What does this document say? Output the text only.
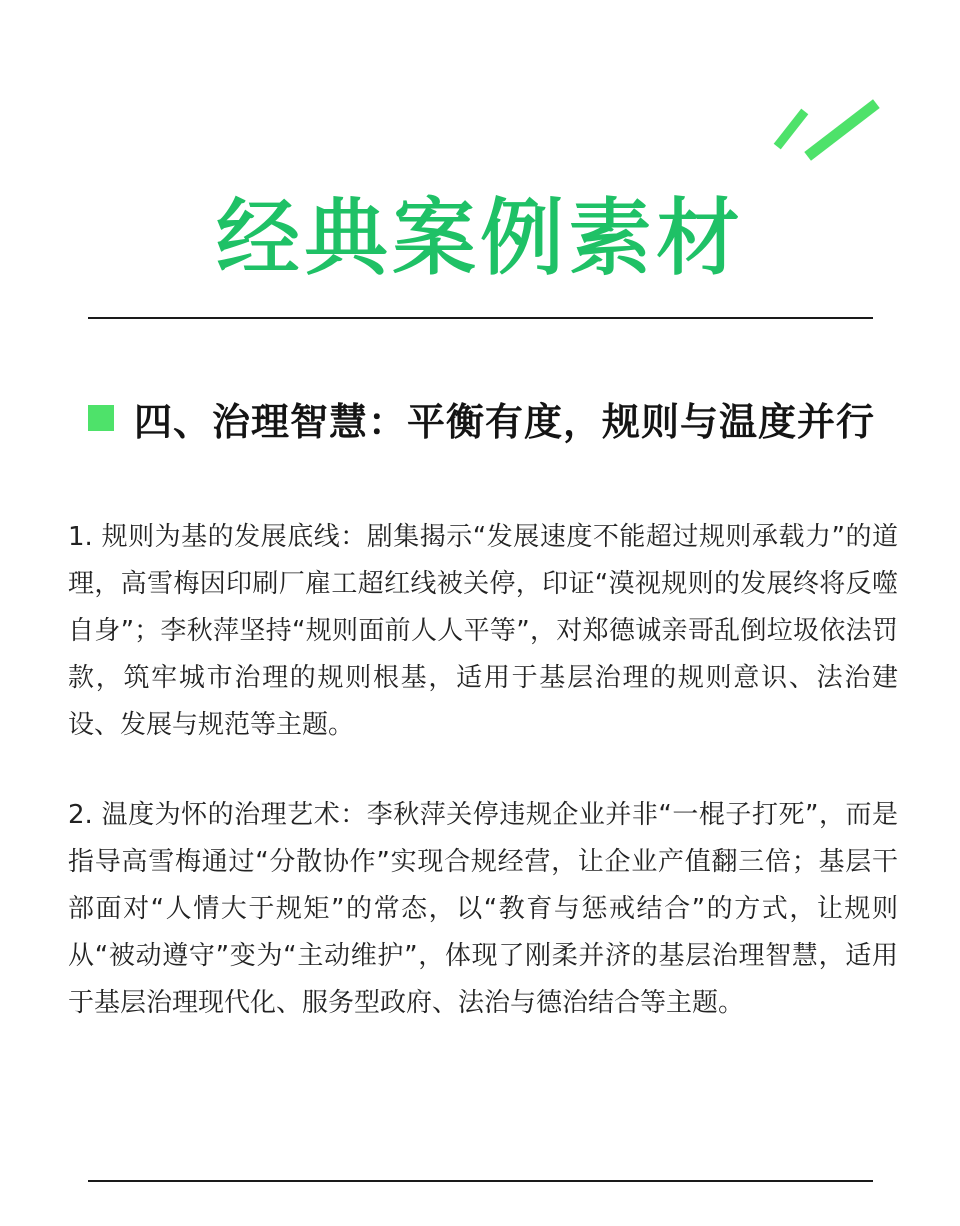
经典案例素材
四、治理智慧：平衡有度，规则与温度并行

1. 规则为基的发展底线：剧集揭示“发展速度不能超过规则承载力”的道理，高雪梅因印刷厂雇工超红线被关停，印证“漠视规则的发展终将反噬自身”；李秋萍坚持“规则面前人人平等”，对郑德诚亲哥乱倒垃圾依法罚款，筑牢城市治理的规则根基，适用于基层治理的规则意识、法治建设、发展与规范等主题。

2. 温度为怀的治理艺术：李秋萍关停违规企业并非“一棍子打死”，而是指导高雪梅通过“分散协作”实现合规经营，让企业产值翻三倍；基层干部面对“人情大于规矩”的常态，以“教育与惩戒结合”的方式，让规则从“被动遵守”变为“主动维护”，体现了刚柔并济的基层治理智慧，适用于基层治理现代化、服务型政府、法治与德治结合等主题。
